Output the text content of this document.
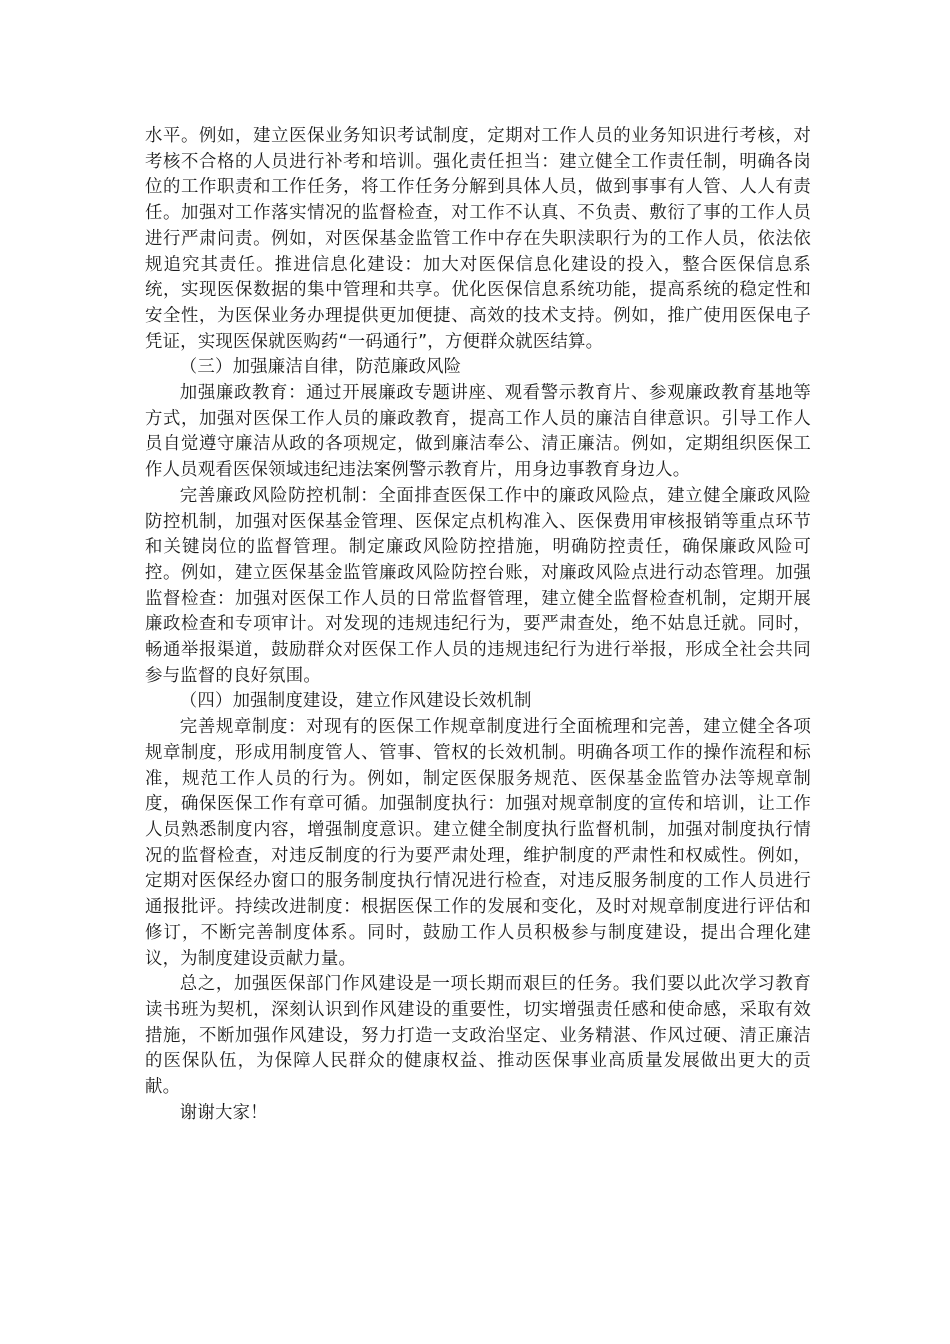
水平。例如，建立医保业务知识考试制度，定期对工作人员的业务知识进行考核，对考核不合格的人员进行补考和培训。强化责任担当：建立健全工作责任制，明确各岗位的工作职责和工作任务，将工作任务分解到具体人员，做到事事有人管、人人有责任。加强对工作落实情况的监督检查，对工作不认真、不负责、敷衍了事的工作人员进行严肃问责。例如，对医保基金监管工作中存在失职渎职行为的工作人员，依法依规追究其责任。推进信息化建设：加大对医保信息化建设的投入，整合医保信息系统，实现医保数据的集中管理和共享。优化医保信息系统功能，提高系统的稳定性和安全性，为医保业务办理提供更加便捷、高效的技术支持。例如，推广使用医保电子凭证，实现医保就医购药“一码通行”，方便群众就医结算。

（三）加强廉洁自律，防范廉政风险

加强廉政教育：通过开展廉政专题讲座、观看警示教育片、参观廉政教育基地等方式，加强对医保工作人员的廉政教育，提高工作人员的廉洁自律意识。引导工作人员自觉遵守廉洁从政的各项规定，做到廉洁奉公、清正廉洁。例如，定期组织医保工作人员观看医保领域违纪违法案例警示教育片，用身边事教育身边人。

完善廉政风险防控机制：全面排查医保工作中的廉政风险点，建立健全廉政风险防控机制，加强对医保基金管理、医保定点机构准入、医保费用审核报销等重点环节和关键岗位的监督管理。制定廉政风险防控措施，明确防控责任，确保廉政风险可控。例如，建立医保基金监管廉政风险防控台账，对廉政风险点进行动态管理。加强监督检查：加强对医保工作人员的日常监督管理，建立健全监督检查机制，定期开展廉政检查和专项审计。对发现的违规违纪行为，要严肃查处，绝不姑息迁就。同时，畅通举报渠道，鼓励群众对医保工作人员的违规违纪行为进行举报，形成全社会共同参与监督的良好氛围。

（四）加强制度建设，建立作风建设长效机制

完善规章制度：对现有的医保工作规章制度进行全面梳理和完善，建立健全各项规章制度，形成用制度管人、管事、管权的长效机制。明确各项工作的操作流程和标准，规范工作人员的行为。例如，制定医保服务规范、医保基金监管办法等规章制度，确保医保工作有章可循。加强制度执行：加强对规章制度的宣传和培训，让工作人员熟悉制度内容，增强制度意识。建立健全制度执行监督机制，加强对制度执行情况的监督检查，对违反制度的行为要严肃处理，维护制度的严肃性和权威性。例如，定期对医保经办窗口的服务制度执行情况进行检查，对违反服务制度的工作人员进行通报批评。持续改进制度：根据医保工作的发展和变化，及时对规章制度进行评估和修订，不断完善制度体系。同时，鼓励工作人员积极参与制度建设，提出合理化建议，为制度建设贡献力量。

总之，加强医保部门作风建设是一项长期而艰巨的任务。我们要以此次学习教育读书班为契机，深刻认识到作风建设的重要性，切实增强责任感和使命感，采取有效措施，不断加强作风建设，努力打造一支政治坚定、业务精湛、作风过硬、清正廉洁的医保队伍，为保障人民群众的健康权益、推动医保事业高质量发展做出更大的贡献。

谢谢大家！
